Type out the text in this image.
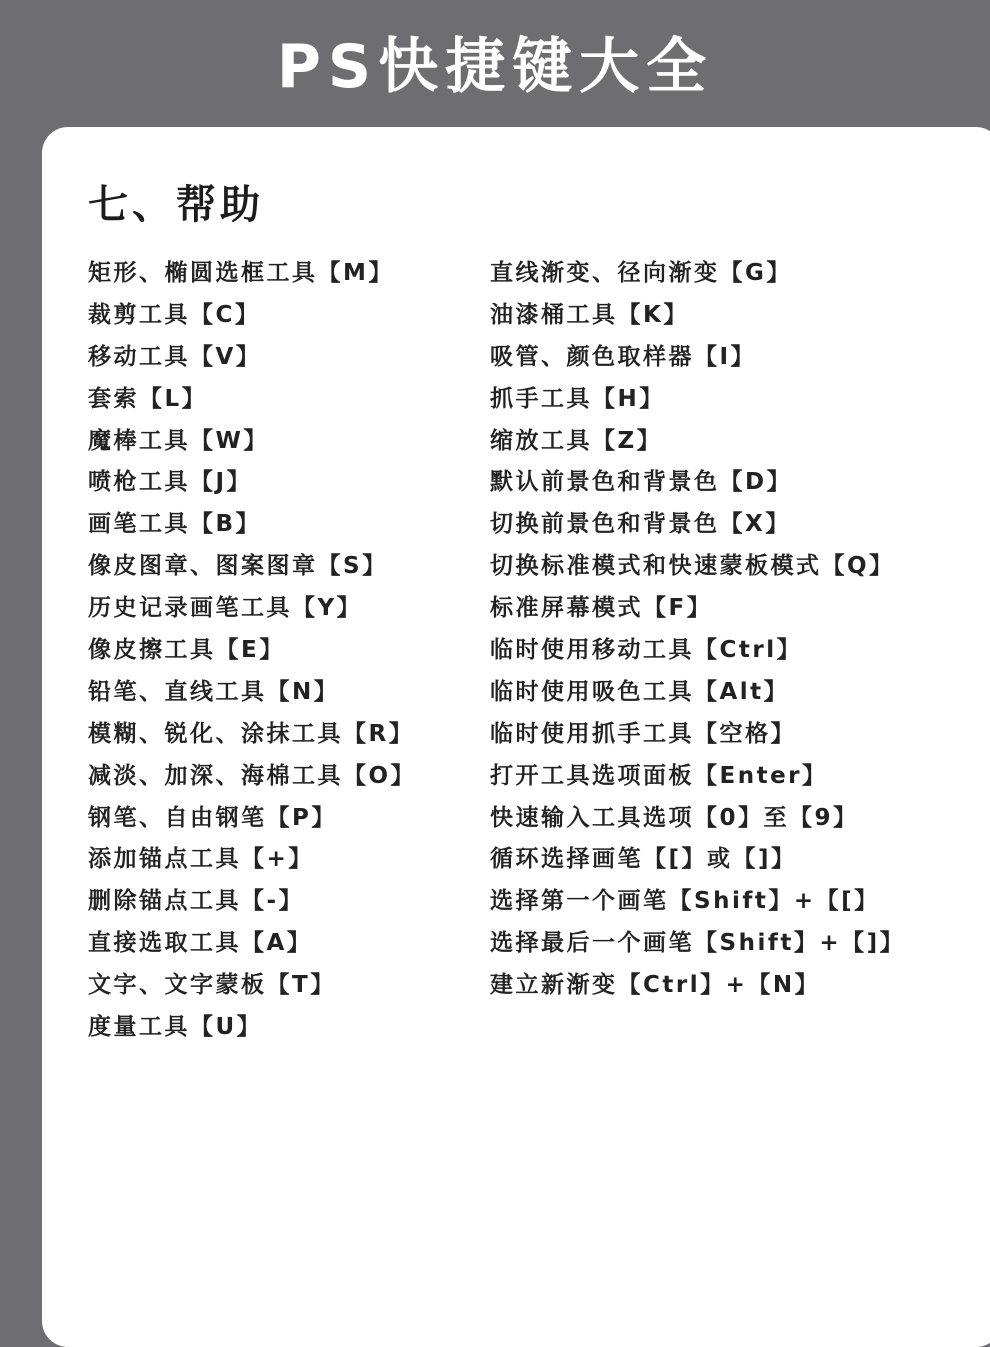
PS快捷键大全
七、帮助
矩形、椭圆选框工具【M】
裁剪工具【C】
移动工具【V】
套索【L】
魔棒工具【W】
喷枪工具【J】
画笔工具【B】
像皮图章、图案图章【S】
历史记录画笔工具【Y】
像皮擦工具【E】
铅笔、直线工具【N】
模糊、锐化、涂抹工具【R】
减淡、加深、海棉工具【O】
钢笔、自由钢笔【P】
添加锚点工具【+】
删除锚点工具【-】
直接选取工具【A】
文字、文字蒙板【T】
度量工具【U】
直线渐变、径向渐变【G】
油漆桶工具【K】
吸管、颜色取样器【I】
抓手工具【H】
缩放工具【Z】
默认前景色和背景色【D】
切换前景色和背景色【X】
切换标准模式和快速蒙板模式【Q】
标准屏幕模式【F】
临时使用移动工具【Ctrl】
临时使用吸色工具【Alt】
临时使用抓手工具【空格】
打开工具选项面板【Enter】
快速输入工具选项【0】至【9】
循环选择画笔【[】或【]】
选择第一个画笔【Shift】+【[】
选择最后一个画笔【Shift】+【]】
建立新渐变【Ctrl】+【N】
